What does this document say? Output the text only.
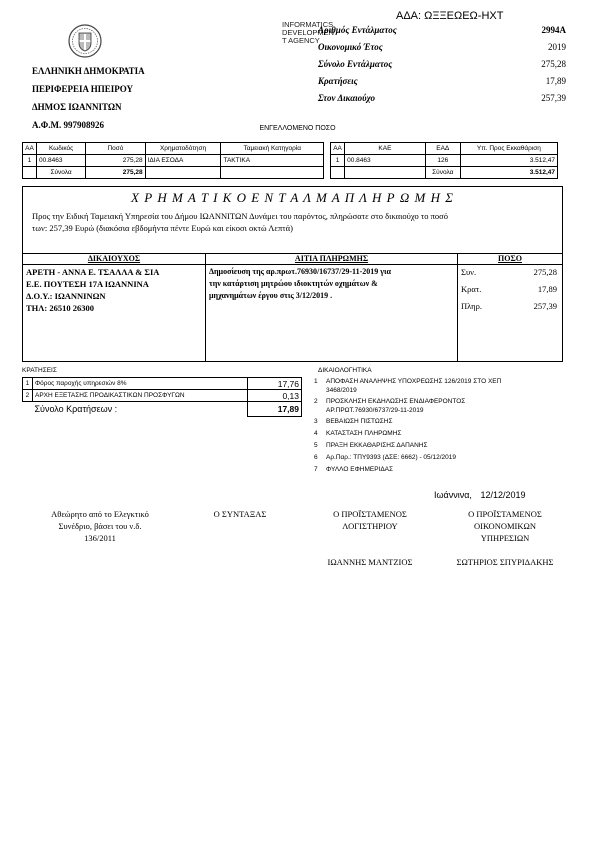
ΑΔΑ: ΩΞΞΕΩΕΩ-ΗΧΤ
INFORMATICS
DEVELOPMEN
T AGENCY
ΕΛΛΗΝΙΚΗ ΔΗΜΟΚΡΑΤΙΑ
ΠΕΡΙΦΕΡΕΙΑ ΗΠΕΙΡΟΥ
ΔΗΜΟΣ ΙΩΑΝΝΙΤΩΝ
Α.Φ.Μ. 997908926
Αριθμός Εντάλματος	2994Α
Οικονομικό Έτος	2019
Σύνολο Εντάλματος	275,28
Κρατήσεις	17,89
Στον Δικαιούχο	257,39
ΕΝΓΕΛΛΟΜΕΝΟ ΠΟΣΟ
ΑΑ	Κωδικός	Ποσό	Χρηματοδότηση	Ταμειακή Κατηγορία
1	00.8463	275,28	ΙΔΙΑ ΕΣΟΔΑ	ΤΑΚΤΙΚΑ
	Σύνολα	275,28		
ΑΑ	ΚΑΕ	ΕΑΔ	Υπ. Προς Εκκαθάριση
1	00.8463	126	3.512,47
		Σύνολα	3.512,47
Χ Ρ Η Μ Α Τ Ι Κ Ο Ε Ν Τ Α Λ Μ Α Π Λ Η Ρ Ω Μ Η Σ
Προς την Ειδική Ταμειακή Υπηρεσία του Δήμου ΙΩΑΝΝΙΤΩΝ Δυνάμει του παρόντος, πληρώσατε στο δικαιούχο το ποσό
των: 257,39 Ευρώ (διακόσια εβδομήντα πέντε Ευρώ και είκοσι οκτώ Λεπτά)
ΔΙΚΑΙΟΥΧΟΣ	ΑΙΤΙΑ ΠΛΗΡΩΜΗΣ	ΠΟΣΟ
ΑΡΕΤΗ - ΑΝΝΑ Ε. ΤΣΑΛΛΑ & ΣΙΑ
Ε.Ε. ΠΟΥΤΕΣΗ 17Α ΙΩΑΝΝΙΝΑ
Δ.Ο.Υ.: ΙΩΑΝΝΙΝΩΝ
ΤΗΛ: 26510 26300
Δημοσίευση της αρ.πρωτ.76930/16737/29-11-2019 για
την κατάρτιση μητρώου ιδιοκτητών οχημάτων &
μηχανημάτων έργου στις 3/12/2019 .
Συν.	275,28
Κρατ.	17,89
Πληρ.	257,39
ΚΡΑΤΗΣΕΙΣ
1	Φόρος παροχής υπηρεσιών 8%	17,76
2	ΑΡΧΗ ΕΞΕΤΑΣΗΣ ΠΡΟΔΙΚΑΣΤΙΚΩΝ ΠΡΟΣΦΥΓΩΝ	0,13
	Σύνολο Κρατήσεων :	17,89
ΔΙΚΑΙΟΛΟΓΗΤΙΚΑ
1	ΑΠΟΦΑΣΗ ΑΝΑΛΗΨΗΣ ΥΠΟΧΡΕΩΣΗΣ 126/2019 ΣΤΟ ΧΕΠ
3468/2019
2	ΠΡΟΣΚΛΗΣΗ ΕΚΔΗΛΩΣΗΣ ΕΝΔΙΑΦΕΡΟΝΤΟΣ
ΑΡ.ΠΡΩΤ.76930/6737/29-11-2019
3	ΒΕΒΑΙΩΣΗ ΠΙΣΤΩΣΗΣ
4	ΚΑΤΑΣΤΑΣΗ ΠΛΗΡΩΜΗΣ
5	ΠΡΑΞΗ ΕΚΚΑΘΑΡΙΣΗΣ ΔΑΠΑΝΗΣ
6	Αρ.Παρ.: ΤΠΥ9393 (ΔΣΕ: 6662) - 05/12/2019
7	ΦΥΛΛΟ ΕΦΗΜΕΡΙΔΑΣ
Ιωάννινα, 12/12/2019
Αθεώρητο από το Ελεγκτικό
Συνέδριο, βάσει του ν.δ.
136/2011
Ο ΣΥΝΤΑΞΑΣ	Ο ΠΡΟΪΣΤΑΜΕΝΟΣ
ΛΟΓΙΣΤΗΡΙΟΥ
Ο ΠΡΟΪΣΤΑΜΕΝΟΣ
ΟΙΚΟΝΟΜΙΚΩΝ
ΥΠΗΡΕΣΙΩΝ
ΙΩΑΝΝΗΣ ΜΑΝΤΖΙΟΣ	ΣΩΤΗΡΙΟΣ ΣΠΥΡΙΔΑΚΗΣ
